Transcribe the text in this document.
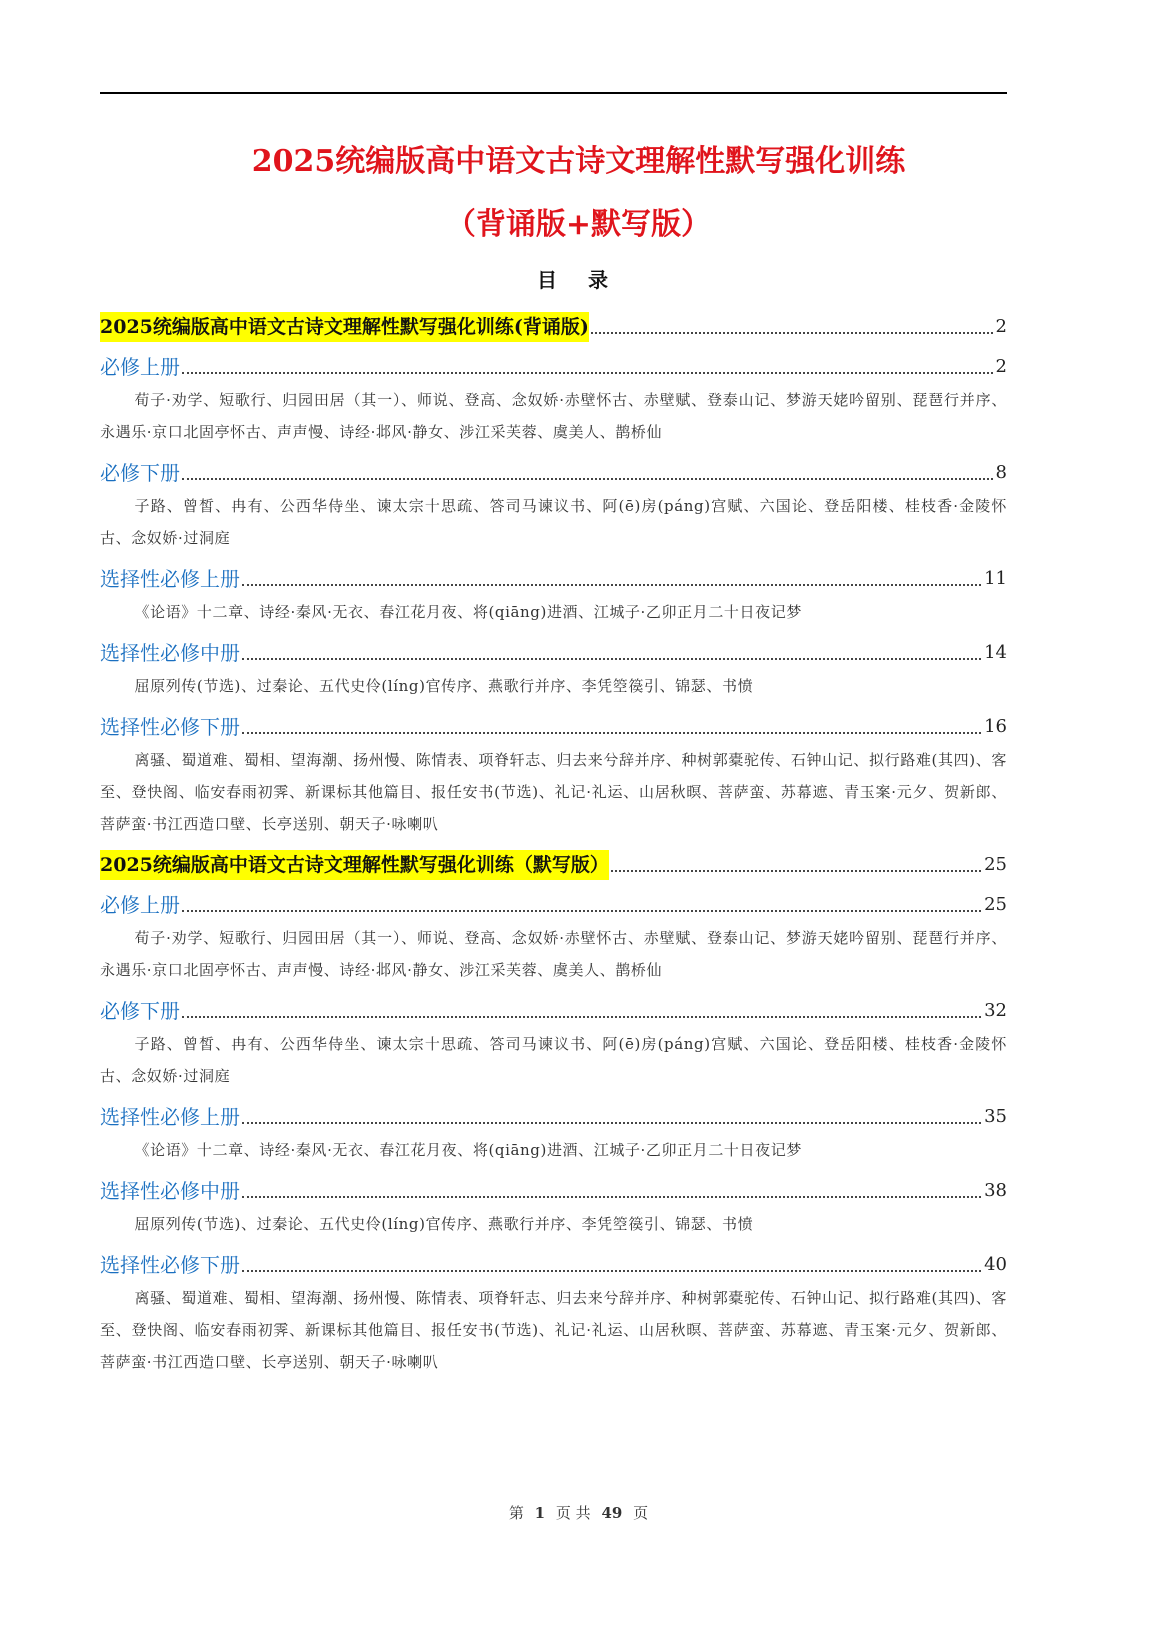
2025统编版高中语文古诗文理解性默写强化训练
（背诵版+默写版）
目 录
2025统编版高中语文古诗文理解性默写强化训练(背诵版)	2
必修上册	2
荀子·劝学、短歌行、归园田居（其一）、师说、登高、念奴娇·赤壁怀古、赤壁赋、登泰山记、梦游天姥吟留别、琵琶行并序、永遇乐·京口北固亭怀古、声声慢、诗经·邶风·静女、涉江采芙蓉、虞美人、鹊桥仙
必修下册	8
子路、曾皙、冉有、公西华侍坐、谏太宗十思疏、答司马谏议书、阿(ē)房(páng)宫赋、六国论、登岳阳楼、桂枝香·金陵怀古、念奴娇·过洞庭
选择性必修上册	11
《论语》十二章、诗经·秦风·无衣、春江花月夜、将(qiāng)进酒、江城子·乙卯正月二十日夜记梦
选择性必修中册	14
屈原列传(节选)、过秦论、五代史伶(líng)官传序、燕歌行并序、李凭箜篌引、锦瑟、书愤
选择性必修下册	16
离骚、蜀道难、蜀相、望海潮、扬州慢、陈情表、项脊轩志、归去来兮辞并序、种树郭橐驼传、石钟山记、拟行路难(其四)、客至、登快阁、临安春雨初霁、新课标其他篇目、报任安书(节选)、礼记·礼运、山居秋暝、菩萨蛮、苏幕遮、青玉案·元夕、贺新郎、菩萨蛮·书江西造口壁、长亭送别、朝天子·咏喇叭
2025统编版高中语文古诗文理解性默写强化训练（默写版）	25
必修上册	25
荀子·劝学、短歌行、归园田居（其一）、师说、登高、念奴娇·赤壁怀古、赤壁赋、登泰山记、梦游天姥吟留别、琵琶行并序、永遇乐·京口北固亭怀古、声声慢、诗经·邶风·静女、涉江采芙蓉、虞美人、鹊桥仙
必修下册	32
子路、曾皙、冉有、公西华侍坐、谏太宗十思疏、答司马谏议书、阿(ē)房(páng)宫赋、六国论、登岳阳楼、桂枝香·金陵怀古、念奴娇·过洞庭
选择性必修上册	35
《论语》十二章、诗经·秦风·无衣、春江花月夜、将(qiāng)进酒、江城子·乙卯正月二十日夜记梦
选择性必修中册	38
屈原列传(节选)、过秦论、五代史伶(líng)官传序、燕歌行并序、李凭箜篌引、锦瑟、书愤
选择性必修下册	40
离骚、蜀道难、蜀相、望海潮、扬州慢、陈情表、项脊轩志、归去来兮辞并序、种树郭橐驼传、石钟山记、拟行路难(其四)、客至、登快阁、临安春雨初霁、新课标其他篇目、报任安书(节选)、礼记·礼运、山居秋暝、菩萨蛮、苏幕遮、青玉案·元夕、贺新郎、菩萨蛮·书江西造口壁、长亭送别、朝天子·咏喇叭
第 1 页 共 49 页
